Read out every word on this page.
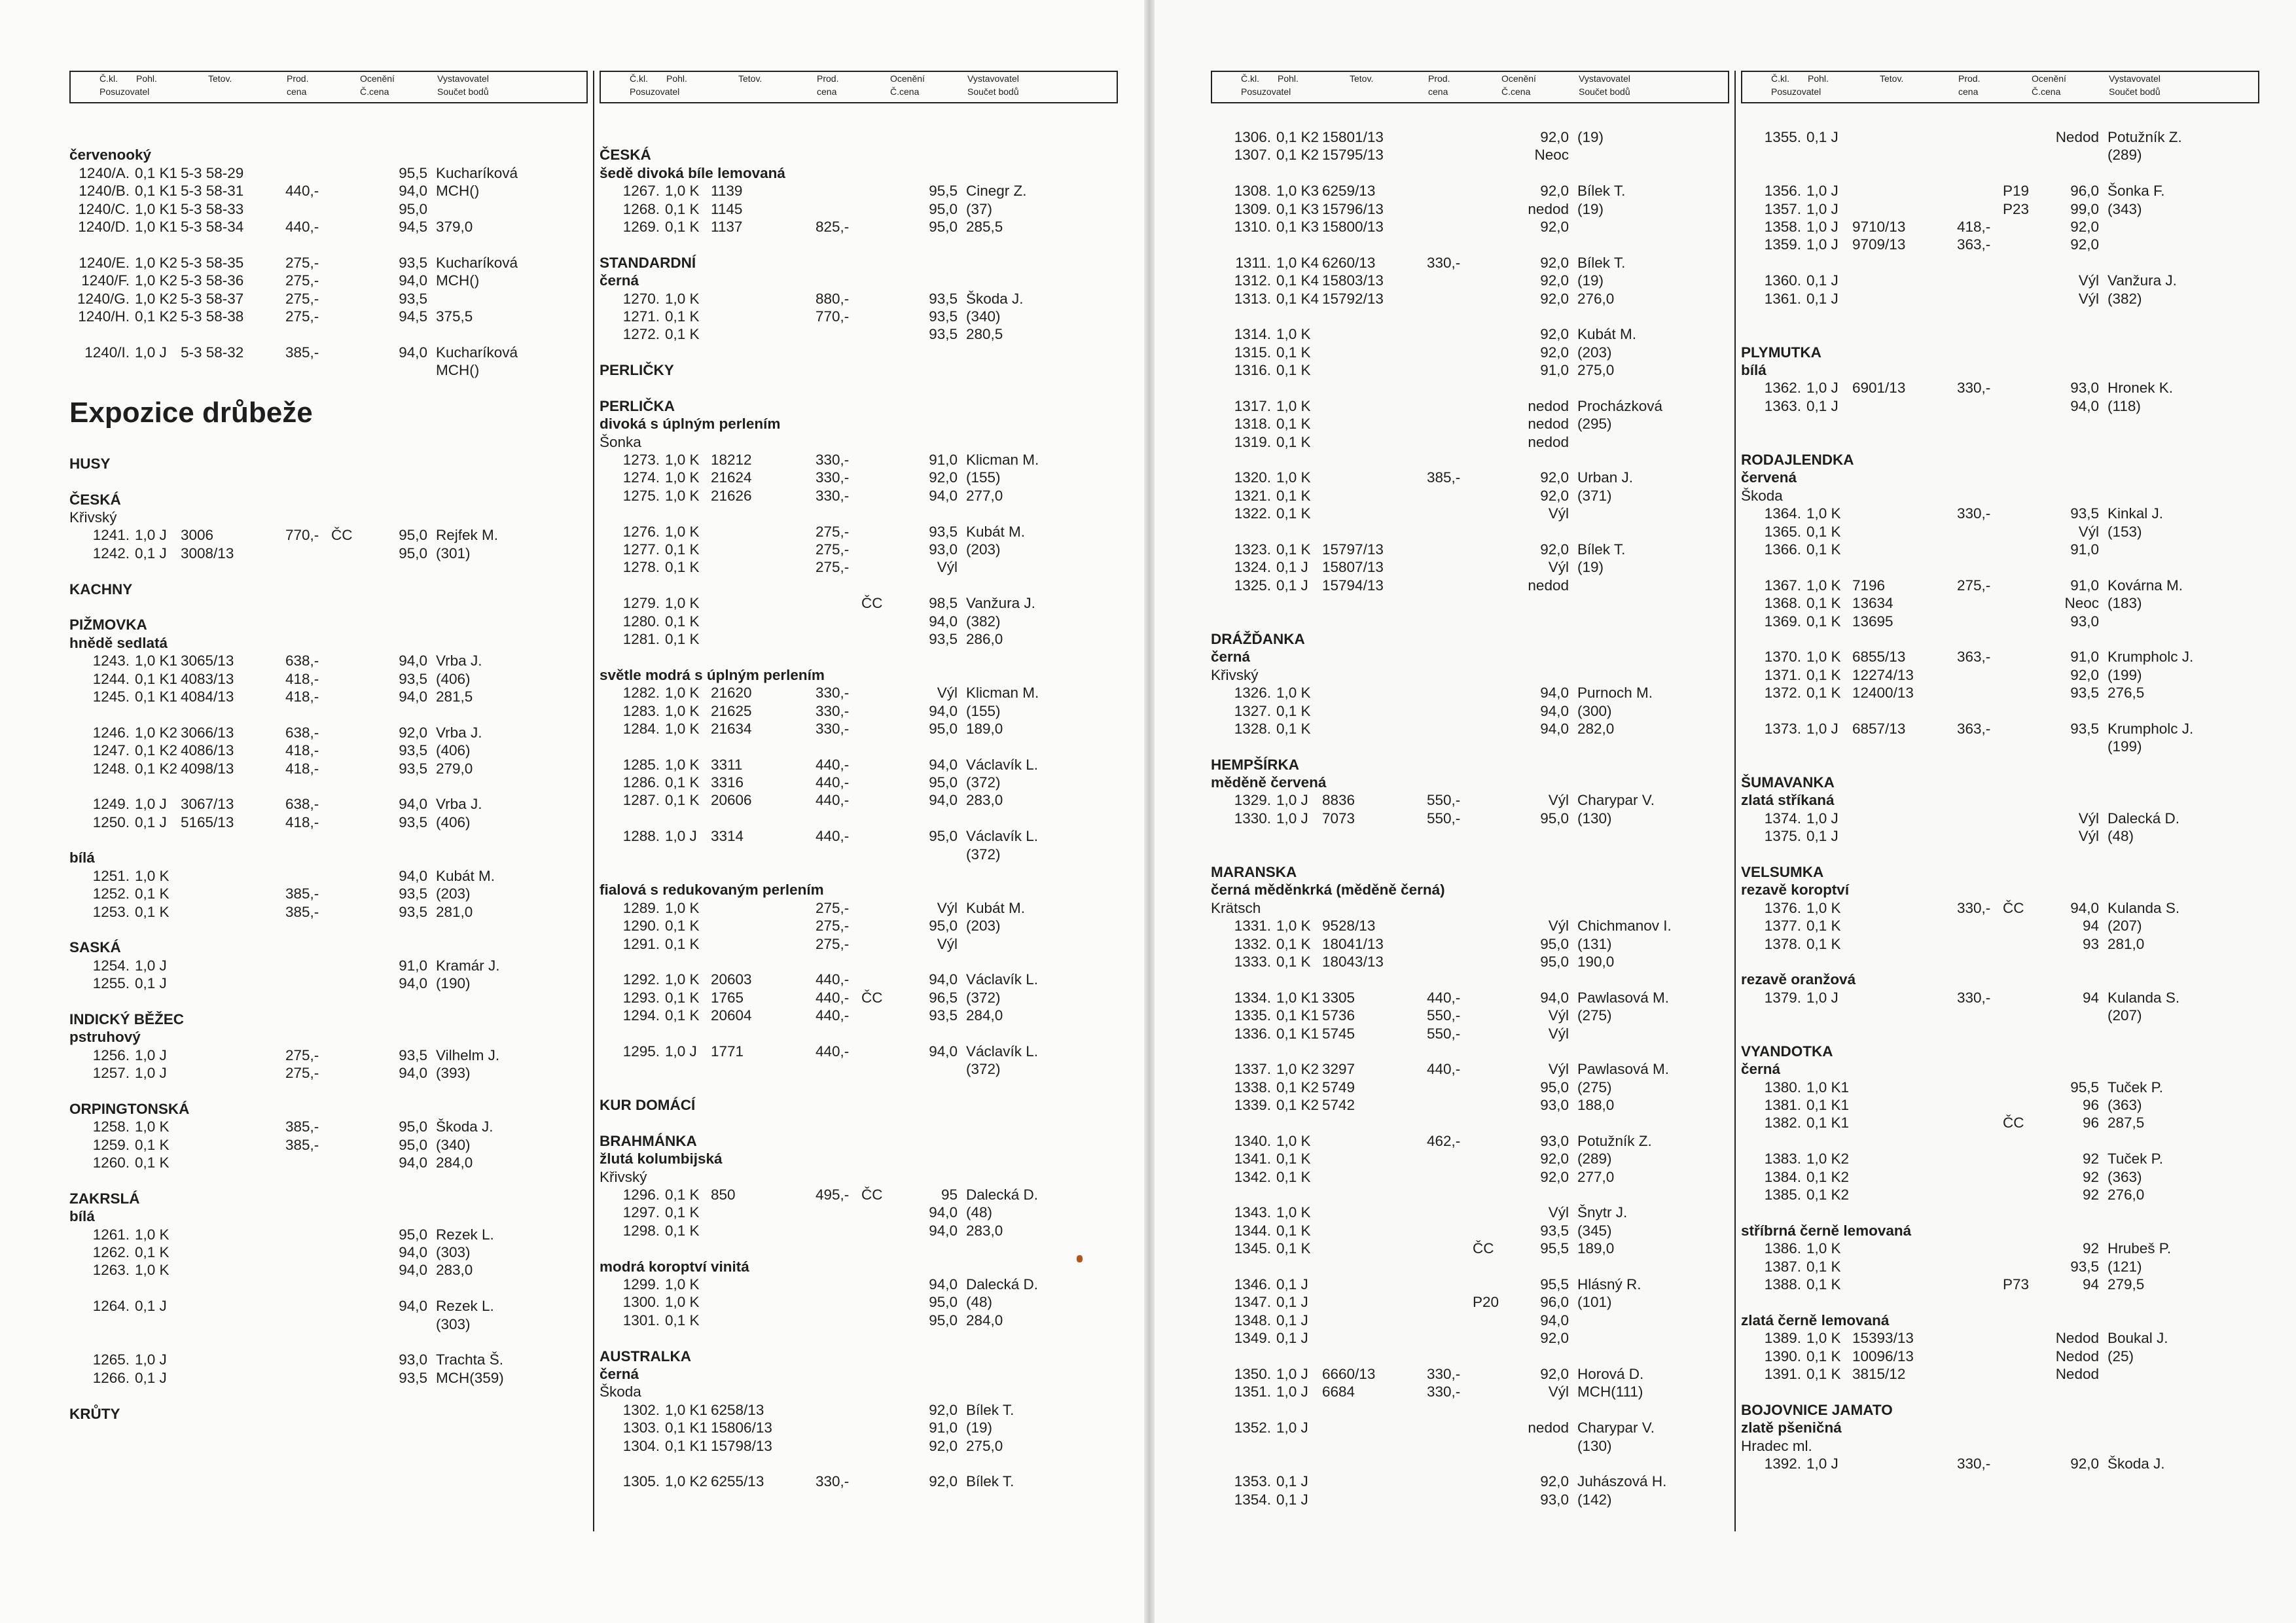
Č.kl. Pohl.
Posuzovatel
Tetov.	Prod.
cena
Ocenění
Č.cena
Vystavovatel
Součet bodů
červenooký
1240/A. 0,1 K1 5-3 58-29	95,5 Kucharíková
1240/B. 0,1 K1 5-3 58-31	440,-	94,0 MCH()
1240/C. 1,0 K1 5-3 58-33	95,0
1240/D. 1,0 K1 5-3 58-34	440,-	94,5 379,0
1240/E. 1,0 K2 5-3 58-35	275,-	93,5 Kucharíková
1240/F. 1,0 K2 5-3 58-36	275,-	94,0 MCH()
1240/G. 1,0 K2 5-3 58-37	275,-	93,5
1240/H. 0,1 K2 5-3 58-38	275,-	94,5 375,5
1240/I. 1,0 J 5-3 58-32	385,-	94,0 Kucharíková
MCH()
Expozice drůbeže
HUSY
ČESKÁ
Křivský
1241. 1,0 J 3006	770,- ČC	95,0 Rejfek M.
1242. 0,1 J 3008/13	95,0 (301)
KACHNY
PIŽMOVKA
hnědě sedlatá
1243. 1,0 K1 3065/13	638,-	94,0 Vrba J.
1244. 0,1 K1 4083/13	418,-	93,5 (406)
1245. 0,1 K1 4084/13	418,-	94,0 281,5
1246. 1,0 K2 3066/13	638,-	92,0 Vrba J.
1247. 0,1 K2 4086/13	418,-	93,5 (406)
1248. 0,1 K2 4098/13	418,-	93,5 279,0
1249. 1,0 J 3067/13	638,-	94,0 Vrba J.
1250. 0,1 J 5165/13	418,-	93,5 (406)
bílá
1251. 1,0 K	94,0 Kubát M.
1252. 0,1 K	385,-	93,5 (203)
1253. 0,1 K	385,-	93,5 281,0
SASKÁ
1254. 1,0 J	91,0 Kramár J.
1255. 0,1 J	94,0 (190)
INDICKÝ BĚŽEC
pstruhový
1256. 1,0 J	275,-	93,5 Vilhelm J.
1257. 1,0 J	275,-	94,0 (393)
ORPINGTONSKÁ
1258. 1,0 K	385,-	95,0 Škoda J.
1259. 0,1 K	385,-	95,0 (340)
1260. 0,1 K	94,0 284,0
ZAKRSLÁ
bílá
1261. 1,0 K	95,0 Rezek L.
1262. 0,1 K	94,0 (303)
1263. 1,0 K	94,0 283,0
1264. 0,1 J	94,0 Rezek L.
(303)
1265. 1,0 J	93,0 Trachta Š.
1266. 0,1 J	93,5 MCH(359)
KRŮTY
Č.kl. Pohl.
Posuzovatel
Tetov.	Prod.
cena
Ocenění
Č.cena
Vystavovatel
Součet bodů
ČESKÁ
šedě divoká bíle lemovaná
1267. 1,0 K 1139	95,5 Cinegr Z.
1268. 0,1 K 1145	95,0 (37)
1269. 0,1 K 1137	825,-	95,0 285,5
STANDARDNÍ
černá
1270. 1,0 K	880,-	93,5 Škoda J.
1271. 0,1 K	770,-	93,5 (340)
1272. 0,1 K	93,5 280,5
PERLIČKY
PERLIČKA
divoká s úplným perlením
Šonka
1273. 1,0 K 18212	330,-	91,0 Klicman M.
1274. 1,0 K 21624	330,-	92,0 (155)
1275. 1,0 K 21626	330,-	94,0 277,0
1276. 1,0 K	275,-	93,5 Kubát M.
1277. 0,1 K	275,-	93,0 (203)
1278. 0,1 K	275,-	Výl
1279. 1,0 K	ČC	98,5 Vanžura J.
1280. 0,1 K	94,0 (382)
1281. 0,1 K	93,5 286,0
světle modrá s úplným perlením
1282. 1,0 K 21620	330,-	Výl Klicman M.
1283. 1,0 K 21625	330,-	94,0 (155)
1284. 1,0 K 21634	330,-	95,0 189,0
1285. 1,0 K 3311	440,-	94,0 Václavík L.
1286. 0,1 K 3316	440,-	95,0 (372)
1287. 0,1 K 20606	440,-	94,0 283,0
1288. 1,0 J 3314	440,-	95,0 Václavík L.
(372)
fialová s redukovaným perlením
1289. 1,0 K	275,-	Výl Kubát M.
1290. 0,1 K	275,-	95,0 (203)
1291. 0,1 K	275,-	Výl
1292. 1,0 K 20603	440,-	94,0 Václavík L.
1293. 0,1 K 1765	440,- ČC	96,5 (372)
1294. 0,1 K 20604	440,-	93,5 284,0
1295. 1,0 J 1771	440,-	94,0 Václavík L.
(372)
KUR DOMÁCÍ
BRAHMÁNKA
žlutá kolumbijská
Křivský
1296. 0,1 K 850	495,- ČC	95 Dalecká D.
1297. 0,1 K	94,0 (48)
1298. 0,1 K	94,0 283,0
modrá koroptví vinitá
1299. 1,0 K	94,0 Dalecká D.
1300. 1,0 K	95,0 (48)
1301. 0,1 K	95,0 284,0
AUSTRALKA
černá
Škoda
1302. 1,0 K1 6258/13	92,0 Bílek T.
1303. 0,1 K1 15806/13	91,0 (19)
1304. 0,1 K1 15798/13	92,0 275,0
1305. 1,0 K2 6255/13	330,-	92,0 Bílek T.
Č.kl. Pohl.
Posuzovatel
Tetov.	Prod.
cena
Ocenění
Č.cena
Vystavovatel
Součet bodů
1306. 0,1 K2 15801/13	92,0 (19)
1307. 0,1 K2 15795/13	Neoc
1308. 1,0 K3 6259/13	92,0 Bílek T.
1309. 0,1 K3 15796/13	nedod (19)
1310. 0,1 K3 15800/13	92,0
1311. 1,0 K4 6260/13	330,-	92,0 Bílek T.
1312. 0,1 K4 15803/13	92,0 (19)
1313. 0,1 K4 15792/13	92,0 276,0
1314. 1,0 K	92,0 Kubát M.
1315. 0,1 K	92,0 (203)
1316. 0,1 K	91,0 275,0
1317. 1,0 K	nedod Procházková
1318. 0,1 K	nedod (295)
1319. 0,1 K	nedod
1320. 1,0 K	385,-	92,0 Urban J.
1321. 0,1 K	92,0 (371)
1322. 0,1 K	Výl
1323. 0,1 K 15797/13	92,0 Bílek T.
1324. 0,1 J 15807/13	Výl (19)
1325. 0,1 J 15794/13	nedod
DRÁŽĎANKA
černá
Křivský
1326. 1,0 K	94,0 Purnoch M.
1327. 0,1 K	94,0 (300)
1328. 0,1 K	94,0 282,0
HEMPŠÍRKA
měděně červená
1329. 1,0 J 8836	550,-	Výl Charypar V.
1330. 1,0 J 7073	550,-	95,0 (130)
MARANSKA
černá měděnkrká (měděně černá)
Krätsch
1331. 1,0 K 9528/13	Výl Chichmanov I.
1332. 0,1 K 18041/13	95,0 (131)
1333. 0,1 K 18043/13	95,0 190,0
1334. 1,0 K1 3305	440,-	94,0 Pawlasová M.
1335. 0,1 K1 5736	550,-	Výl (275)
1336. 0,1 K1 5745	550,-	Výl
1337. 1,0 K2 3297	440,-	Výl Pawlasová M.
1338. 0,1 K2 5749	95,0 (275)
1339. 0,1 K2 5742	93,0 188,0
1340. 1,0 K	462,-	93,0 Potužník Z.
1341. 0,1 K	92,0 (289)
1342. 0,1 K	92,0 277,0
1343. 1,0 K	Výl Šnytr J.
1344. 0,1 K	93,5 (345)
1345. 0,1 K	ČC	95,5 189,0
1346. 0,1 J	95,5 Hlásný R.
1347. 0,1 J	P20	96,0 (101)
1348. 0,1 J	94,0
1349. 0,1 J	92,0
1350. 1,0 J 6660/13	330,-	92,0 Horová D.
1351. 1,0 J 6684	330,-	Výl MCH(111)
1352. 1,0 J	nedod Charypar V.
(130)
1353. 0,1 J	92,0 Juhászová H.
1354. 0,1 J	93,0 (142)
Č.kl. Pohl.
Posuzovatel
Tetov.	Prod.
cena
Ocenění
Č.cena
Vystavovatel
Součet bodů
1355. 0,1 J	Nedod Potužník Z.
(289)
1356. 1,0 J	P19	96,0 Šonka F.
1357. 1,0 J	P23	99,0 (343)
1358. 1,0 J 9710/13	418,-	92,0
1359. 1,0 J 9709/13	363,-	92,0
1360. 0,1 J	Výl Vanžura J.
1361. 0,1 J	Výl (382)
PLYMUTKA
bílá
1362. 1,0 J 6901/13	330,-	93,0 Hronek K.
1363. 0,1 J	94,0 (118)
RODAJLENDKA
červená
Škoda
1364. 1,0 K	330,-	93,5 Kinkal J.
1365. 0,1 K	Výl (153)
1366. 0,1 K	91,0
1367. 1,0 K 7196	275,-	91,0 Kovárna M.
1368. 0,1 K 13634	Neoc (183)
1369. 0,1 K 13695	93,0
1370. 1,0 K 6855/13	363,-	91,0 Krumpholc J.
1371. 0,1 K 12274/13	92,0 (199)
1372. 0,1 K 12400/13	93,5 276,5
1373. 1,0 J 6857/13	363,-	93,5 Krumpholc J.
(199)
ŠUMAVANKA
zlatá stříkaná
1374. 1,0 J	Výl Dalecká D.
1375. 0,1 J	Výl (48)
VELSUMKA
rezavě koroptví
1376. 1,0 K	330,- ČC	94,0 Kulanda S.
1377. 0,1 K	94 (207)
1378. 0,1 K	93 281,0
rezavě oranžová
1379. 1,0 J	330,-	94 Kulanda S.
(207)
VYANDOTKA
černá
1380. 1,0 K1	95,5 Tuček P.
1381. 0,1 K1	96 (363)
1382. 0,1 K1	ČC	96 287,5
1383. 1,0 K2	92 Tuček P.
1384. 0,1 K2	92 (363)
1385. 0,1 K2	92 276,0
stříbrná černě lemovaná
1386. 1,0 K	92 Hrubeš P.
1387. 0,1 K	93,5 (121)
1388. 0,1 K	P73	94 279,5
zlatá černě lemovaná
1389. 1,0 K 15393/13	Nedod Boukal J.
1390. 0,1 K 10096/13	Nedod (25)
1391. 0,1 K 3815/12	Nedod
BOJOVNICE JAMATO
zlatě pšeničná
Hradec ml.
1392. 1,0 J	330,-	92,0 Škoda J.
